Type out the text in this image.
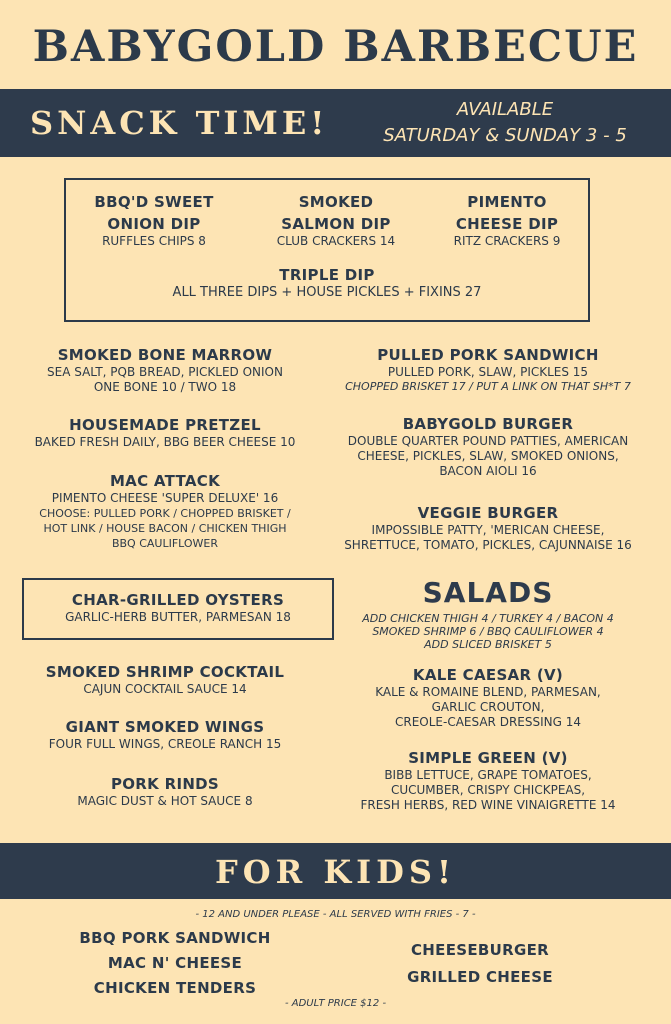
BABYGOLD BARBECUE
SNACK TIME!	AVAILABLE
SATURDAY & SUNDAY 3 - 5
BBQ'D SWEET
ONION DIP
RUFFLES CHIPS 8
SMOKED
SALMON DIP
CLUB CRACKERS 14
PIMENTO
CHEESE DIP
RITZ CRACKERS 9
TRIPLE DIP
ALL THREE DIPS + HOUSE PICKLES + FIXINS 27
SMOKED BONE MARROW
SEA SALT, PQB BREAD, PICKLED ONION
ONE BONE 10 / TWO 18
HOUSEMADE PRETZEL
BAKED FRESH DAILY, BBG BEER CHEESE 10
MAC ATTACK
PIMENTO CHEESE 'SUPER DELUXE' 16
CHOOSE: PULLED PORK / CHOPPED BRISKET /
HOT LINK / HOUSE BACON / CHICKEN THIGH
BBQ CAULIFLOWER
CHAR-GRILLED OYSTERS
GARLIC-HERB BUTTER, PARMESAN 18
SMOKED SHRIMP COCKTAIL
CAJUN COCKTAIL SAUCE 14
GIANT SMOKED WINGS
FOUR FULL WINGS, CREOLE RANCH 15
PORK RINDS
MAGIC DUST & HOT SAUCE 8
PULLED PORK SANDWICH
PULLED PORK, SLAW, PICKLES 15
CHOPPED BRISKET 17 / PUT A LINK ON THAT SH*T 7
BABYGOLD BURGER
DOUBLE QUARTER POUND PATTIES, AMERICAN
CHEESE, PICKLES, SLAW, SMOKED ONIONS,
BACON AIOLI 16
VEGGIE BURGER
IMPOSSIBLE PATTY, 'MERICAN CHEESE,
SHRETTUCE, TOMATO, PICKLES, CAJUNNAISE 16
SALADS
ADD CHICKEN THIGH 4 / TURKEY 4 / BACON 4
SMOKED SHRIMP 6 / BBQ CAULIFLOWER 4
ADD SLICED BRISKET 5
KALE CAESAR (V)
KALE & ROMAINE BLEND, PARMESAN,
GARLIC CROUTON,
CREOLE-CAESAR DRESSING 14
SIMPLE GREEN (V)
BIBB LETTUCE, GRAPE TOMATOES,
CUCUMBER, CRISPY CHICKPEAS,
FRESH HERBS, RED WINE VINAIGRETTE 14
FOR KIDS!
- 12 AND UNDER PLEASE - ALL SERVED WITH FRIES - 7 -
BBQ PORK SANDWICH
MAC N' CHEESE
CHICKEN TENDERS
CHEESEBURGER
GRILLED CHEESE
- ADULT PRICE $12 -
